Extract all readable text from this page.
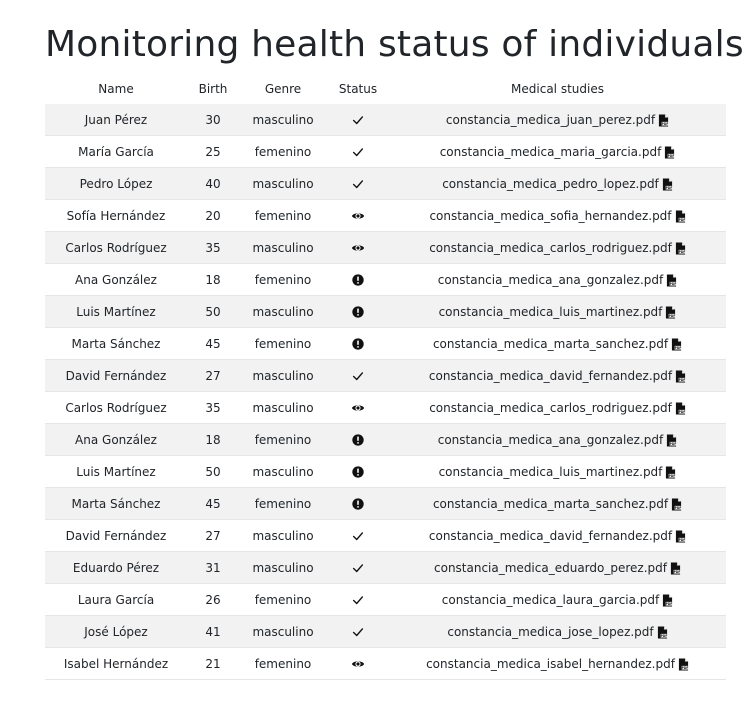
Monitoring health status of individuals
Name	Birth	Genre	Status	Medical studies
Juan Pérez	30	masculino		constancia_medica_juan_perez.pdf PDF

María García	25	femenino		constancia_medica_maria_garcia.pdf PDF

Pedro López	40	masculino		constancia_medica_pedro_lopez.pdf PDF

Sofía Hernández	20	femenino		constancia_medica_sofia_hernandez.pdf PDF

Carlos Rodríguez	35	masculino		constancia_medica_carlos_rodriguez.pdf PDF

Ana González	18	femenino		constancia_medica_ana_gonzalez.pdf PDF

Luis Martínez	50	masculino		constancia_medica_luis_martinez.pdf PDF

Marta Sánchez	45	femenino		constancia_medica_marta_sanchez.pdf PDF

David Fernández	27	masculino		constancia_medica_david_fernandez.pdf PDF

Carlos Rodríguez	35	masculino		constancia_medica_carlos_rodriguez.pdf PDF

Ana González	18	femenino		constancia_medica_ana_gonzalez.pdf PDF

Luis Martínez	50	masculino		constancia_medica_luis_martinez.pdf PDF

Marta Sánchez	45	femenino		constancia_medica_marta_sanchez.pdf PDF

David Fernández	27	masculino		constancia_medica_david_fernandez.pdf PDF

Eduardo Pérez	31	masculino		constancia_medica_eduardo_perez.pdf PDF

Laura García	26	femenino		constancia_medica_laura_garcia.pdf PDF

José López	41	masculino		constancia_medica_jose_lopez.pdf PDF

Isabel Hernández	21	femenino		constancia_medica_isabel_hernandez.pdf PDF
